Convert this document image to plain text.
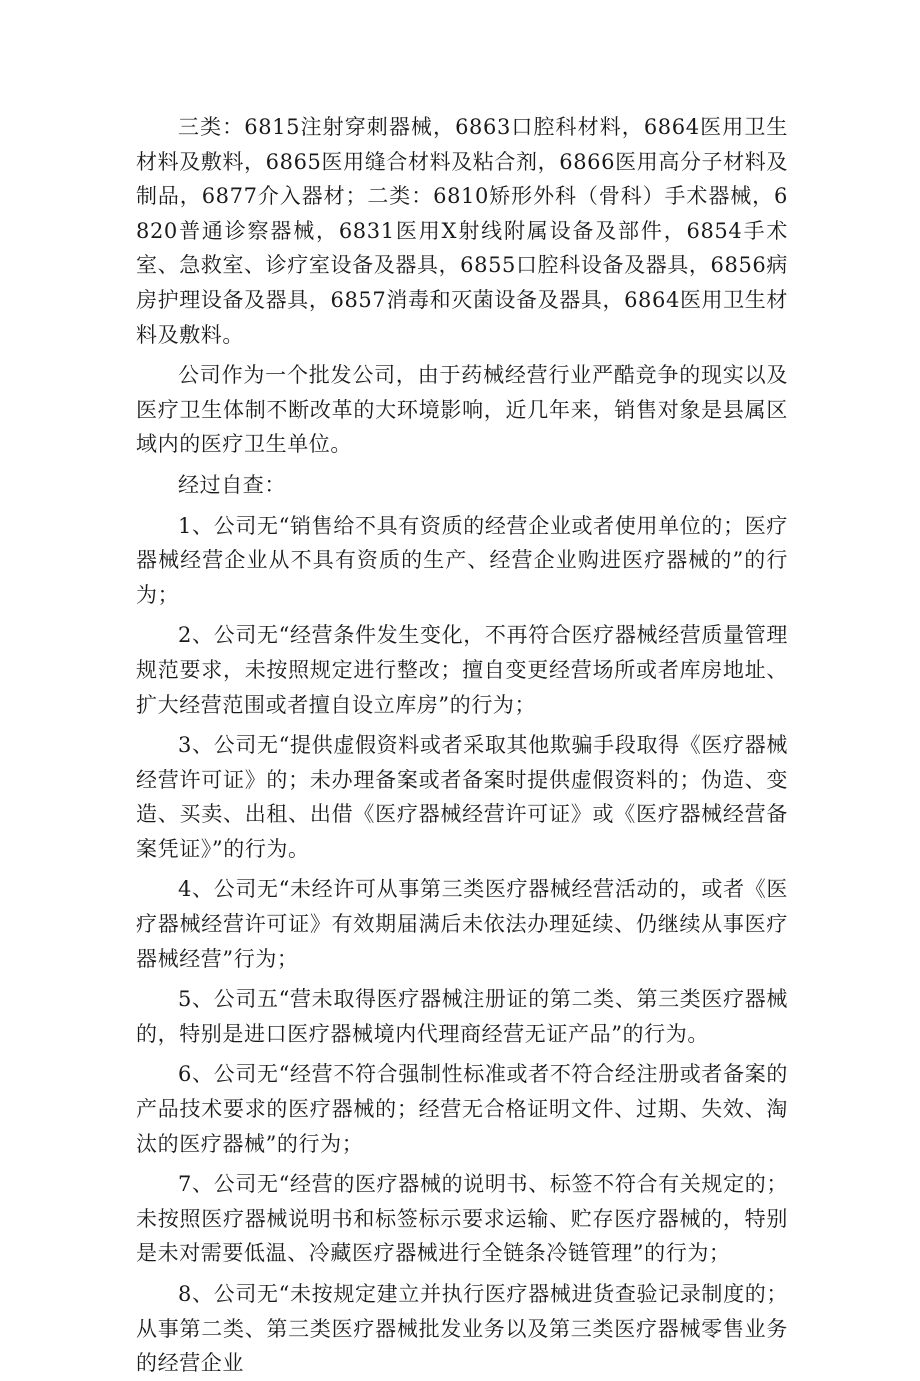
三类：6815注射穿刺器械，6863口腔科材料，6864医用卫生材料及敷料，6865医用缝合材料及粘合剂，6866医用高分子材料及制品，6877介入器材；二类：6810矫形外科（骨科）手术器械，6820普通诊察器械，6831医用X射线附属设备及部件，6854手术室、急救室、诊疗室设备及器具，6855口腔科设备及器具，6856病房护理设备及器具，6857消毒和灭菌设备及器具，6864医用卫生材料及敷料。

公司作为一个批发公司，由于药械经营行业严酷竞争的现实以及医疗卫生体制不断改革的大环境影响，近几年来，销售对象是县属区域内的医疗卫生单位。

经过自查：

1、公司无“销售给不具有资质的经营企业或者使用单位的；医疗器械经营企业从不具有资质的生产、经营企业购进医疗器械的”的行为；

2、公司无“经营条件发生变化，不再符合医疗器械经营质量管理规范要求，未按照规定进行整改；擅自变更经营场所或者库房地址、扩大经营范围或者擅自设立库房”的行为；

3、公司无“提供虚假资料或者采取其他欺骗手段取得《医疗器械经营许可证》的；未办理备案或者备案时提供虚假资料的；伪造、变造、买卖、出租、出借《医疗器械经营许可证》或《医疗器械经营备案凭证》”的行为。

4、公司无“未经许可从事第三类医疗器械经营活动的，或者《医疗器械经营许可证》有效期届满后未依法办理延续、仍继续从事医疗器械经营”行为；

5、公司五“营未取得医疗器械注册证的第二类、第三类医疗器械的，特别是进口医疗器械境内代理商经营无证产品”的行为。

6、公司无“经营不符合强制性标准或者不符合经注册或者备案的产品技术要求的医疗器械的；经营无合格证明文件、过期、失效、淘汰的医疗器械”的行为；

7、公司无“经营的医疗器械的说明书、标签不符合有关规定的；未按照医疗器械说明书和标签标示要求运输、贮存医疗器械的，特别是未对需要低温、冷藏医疗器械进行全链条冷链管理”的行为；

8、公司无“未按规定建立并执行医疗器械进货查验记录制度的；从事第二类、第三类医疗器械批发业务以及第三类医疗器械零售业务的经营企业
